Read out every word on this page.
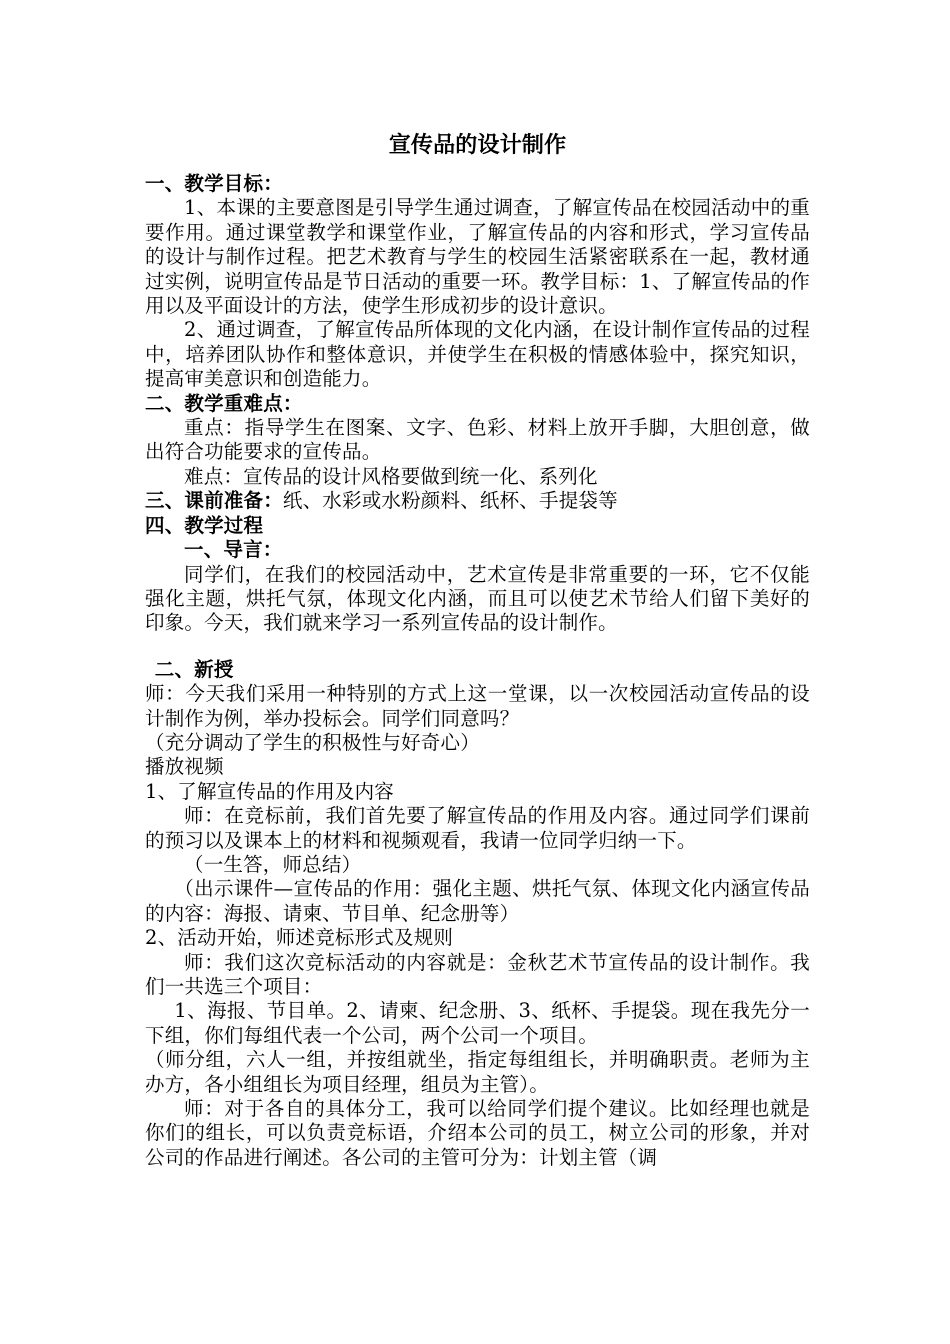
宣传品的设计制作
一、教学目标：

1、本课的主要意图是引导学生通过调查，了解宣传品在校园活动中的重要作用。通过课堂教学和课堂作业，了解宣传品的内容和形式，学习宣传品的设计与制作过程。把艺术教育与学生的校园生活紧密联系在一起，教材通过实例，说明宣传品是节日活动的重要一环。教学目标：1、了解宣传品的作用以及平面设计的方法，使学生形成初步的设计意识。

2、通过调查，了解宣传品所体现的文化内涵，在设计制作宣传品的过程中，培养团队协作和整体意识，并使学生在积极的情感体验中，探究知识，提高审美意识和创造能力。

二、教学重难点：

重点：指导学生在图案、文字、色彩、材料上放开手脚，大胆创意，做出符合功能要求的宣传品。

难点：宣传品的设计风格要做到统一化、系列化

三、课前准备：纸、水彩或水粉颜料、纸杯、手提袋等

四、教学过程
一、导言：

同学们，在我们的校园活动中，艺术宣传是非常重要的一环，它不仅能强化主题，烘托气氛，体现文化内涵，而且可以使艺术节给人们留下美好的印象。今天，我们就来学习一系列宣传品的设计制作。

二、新授

师：今天我们采用一种特别的方式上这一堂课，以一次校园活动宣传品的设计制作为例，举办投标会。同学们同意吗？

（充分调动了学生的积极性与好奇心）

播放视频

1、了解宣传品的作用及内容

师：在竞标前，我们首先要了解宣传品的作用及内容。通过同学们课前的预习以及课本上的材料和视频观看，我请一位同学归纳一下。

（一生答，师总结）

（出示课件—宣传品的作用：强化主题、烘托气氛、体现文化内涵宣传品的内容：海报、请柬、节目单、纪念册等）

2、活动开始，师述竞标形式及规则

师：我们这次竞标活动的内容就是：金秋艺术节宣传品的设计制作。我们一共选三个项目：

1、海报、节目单。2、请柬、纪念册、3、纸杯、手提袋。现在我先分一下组，你们每组代表一个公司，两个公司一个项目。

（师分组，六人一组，并按组就坐，指定每组组长，并明确职责。老师为主办方，各小组组长为项目经理，组员为主管）。

师：对于各自的具体分工，我可以给同学们提个建议。比如经理也就是你们的组长，可以负责竞标语，介绍本公司的员工，树立公司的形象，并对公司的作品进行阐述。各公司的主管可分为：计划主管（调
